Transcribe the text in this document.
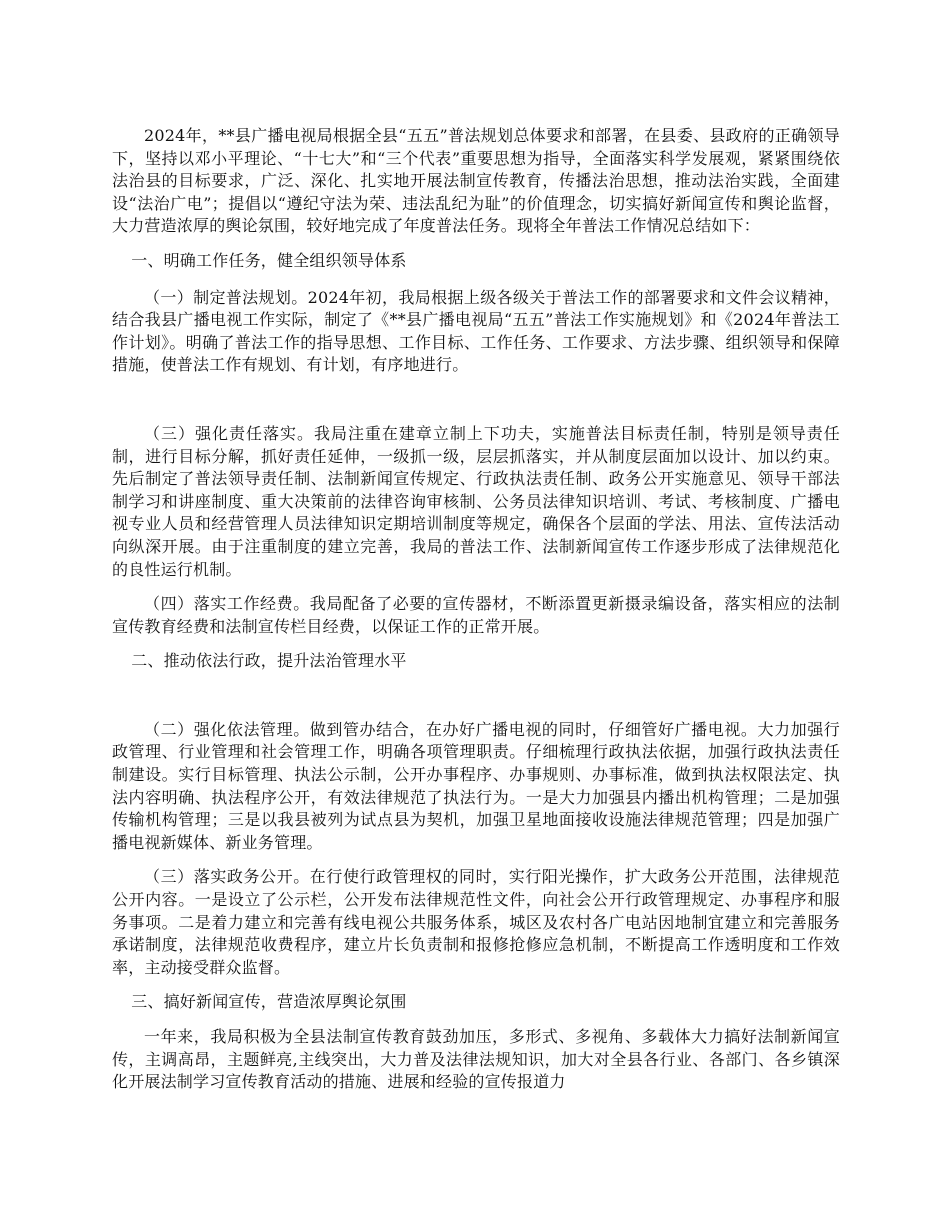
2024年，**县广播电视局根据全县“五五”普法规划总体要求和部署，在县委、县政府的正确领导下，坚持以邓小平理论、“十七大”和“三个代表”重要思想为指导，全面落实科学发展观，紧紧围绕依法治县的目标要求，广泛、深化、扎实地开展法制宣传教育，传播法治思想，推动法治实践，全面建设“法治广电”；提倡以“遵纪守法为荣、违法乱纪为耻”的价值理念，切实搞好新闻宣传和舆论监督，大力营造浓厚的舆论氛围，较好地完成了年度普法任务。现将全年普法工作情况总结如下：

一、明确工作任务，健全组织领导体系

（一）制定普法规划。2024年初，我局根据上级各级关于普法工作的部署要求和文件会议精神，结合我县广播电视工作实际，制定了《**县广播电视局“五五”普法工作实施规划》和《2024年普法工作计划》。明确了普法工作的指导思想、工作目标、工作任务、工作要求、方法步骤、组织领导和保障措施，使普法工作有规划、有计划，有序地进行。

（三）强化责任落实。我局注重在建章立制上下功夫，实施普法目标责任制，特别是领导责任制，进行目标分解，抓好责任延伸，一级抓一级，层层抓落实，并从制度层面加以设计、加以约束。先后制定了普法领导责任制、法制新闻宣传规定、行政执法责任制、政务公开实施意见、领导干部法制学习和讲座制度、重大决策前的法律咨询审核制、公务员法律知识培训、考试、考核制度、广播电视专业人员和经营管理人员法律知识定期培训制度等规定，确保各个层面的学法、用法、宣传法活动向纵深开展。由于注重制度的建立完善，我局的普法工作、法制新闻宣传工作逐步形成了法律规范化的良性运行机制。

（四）落实工作经费。我局配备了必要的宣传器材，不断添置更新摄录编设备，落实相应的法制宣传教育经费和法制宣传栏目经费，以保证工作的正常开展。

二、推动依法行政，提升法治管理水平

（二）强化依法管理。做到管办结合，在办好广播电视的同时，仔细管好广播电视。大力加强行政管理、行业管理和社会管理工作，明确各项管理职责。仔细梳理行政执法依据，加强行政执法责任制建设。实行目标管理、执法公示制，公开办事程序、办事规则、办事标准，做到执法权限法定、执法内容明确、执法程序公开，有效法律规范了执法行为。一是大力加强县内播出机构管理；二是加强传输机构管理；三是以我县被列为试点县为契机，加强卫星地面接收设施法律规范管理；四是加强广播电视新媒体、新业务管理。

（三）落实政务公开。在行使行政管理权的同时，实行阳光操作，扩大政务公开范围，法律规范公开内容。一是设立了公示栏，公开发布法律规范性文件，向社会公开行政管理规定、办事程序和服务事项。二是着力建立和完善有线电视公共服务体系，城区及农村各广电站因地制宜建立和完善服务承诺制度，法律规范收费程序，建立片长负责制和报修抢修应急机制，不断提高工作透明度和工作效率，主动接受群众监督。

三、搞好新闻宣传，营造浓厚舆论氛围

一年来，我局积极为全县法制宣传教育鼓劲加压，多形式、多视角、多载体大力搞好法制新闻宣传，主调高昂，主题鲜亮,主线突出，大力普及法律法规知识，加大对全县各行业、各部门、各乡镇深化开展法制学习宣传教育活动的措施、进展和经验的宣传报道力
